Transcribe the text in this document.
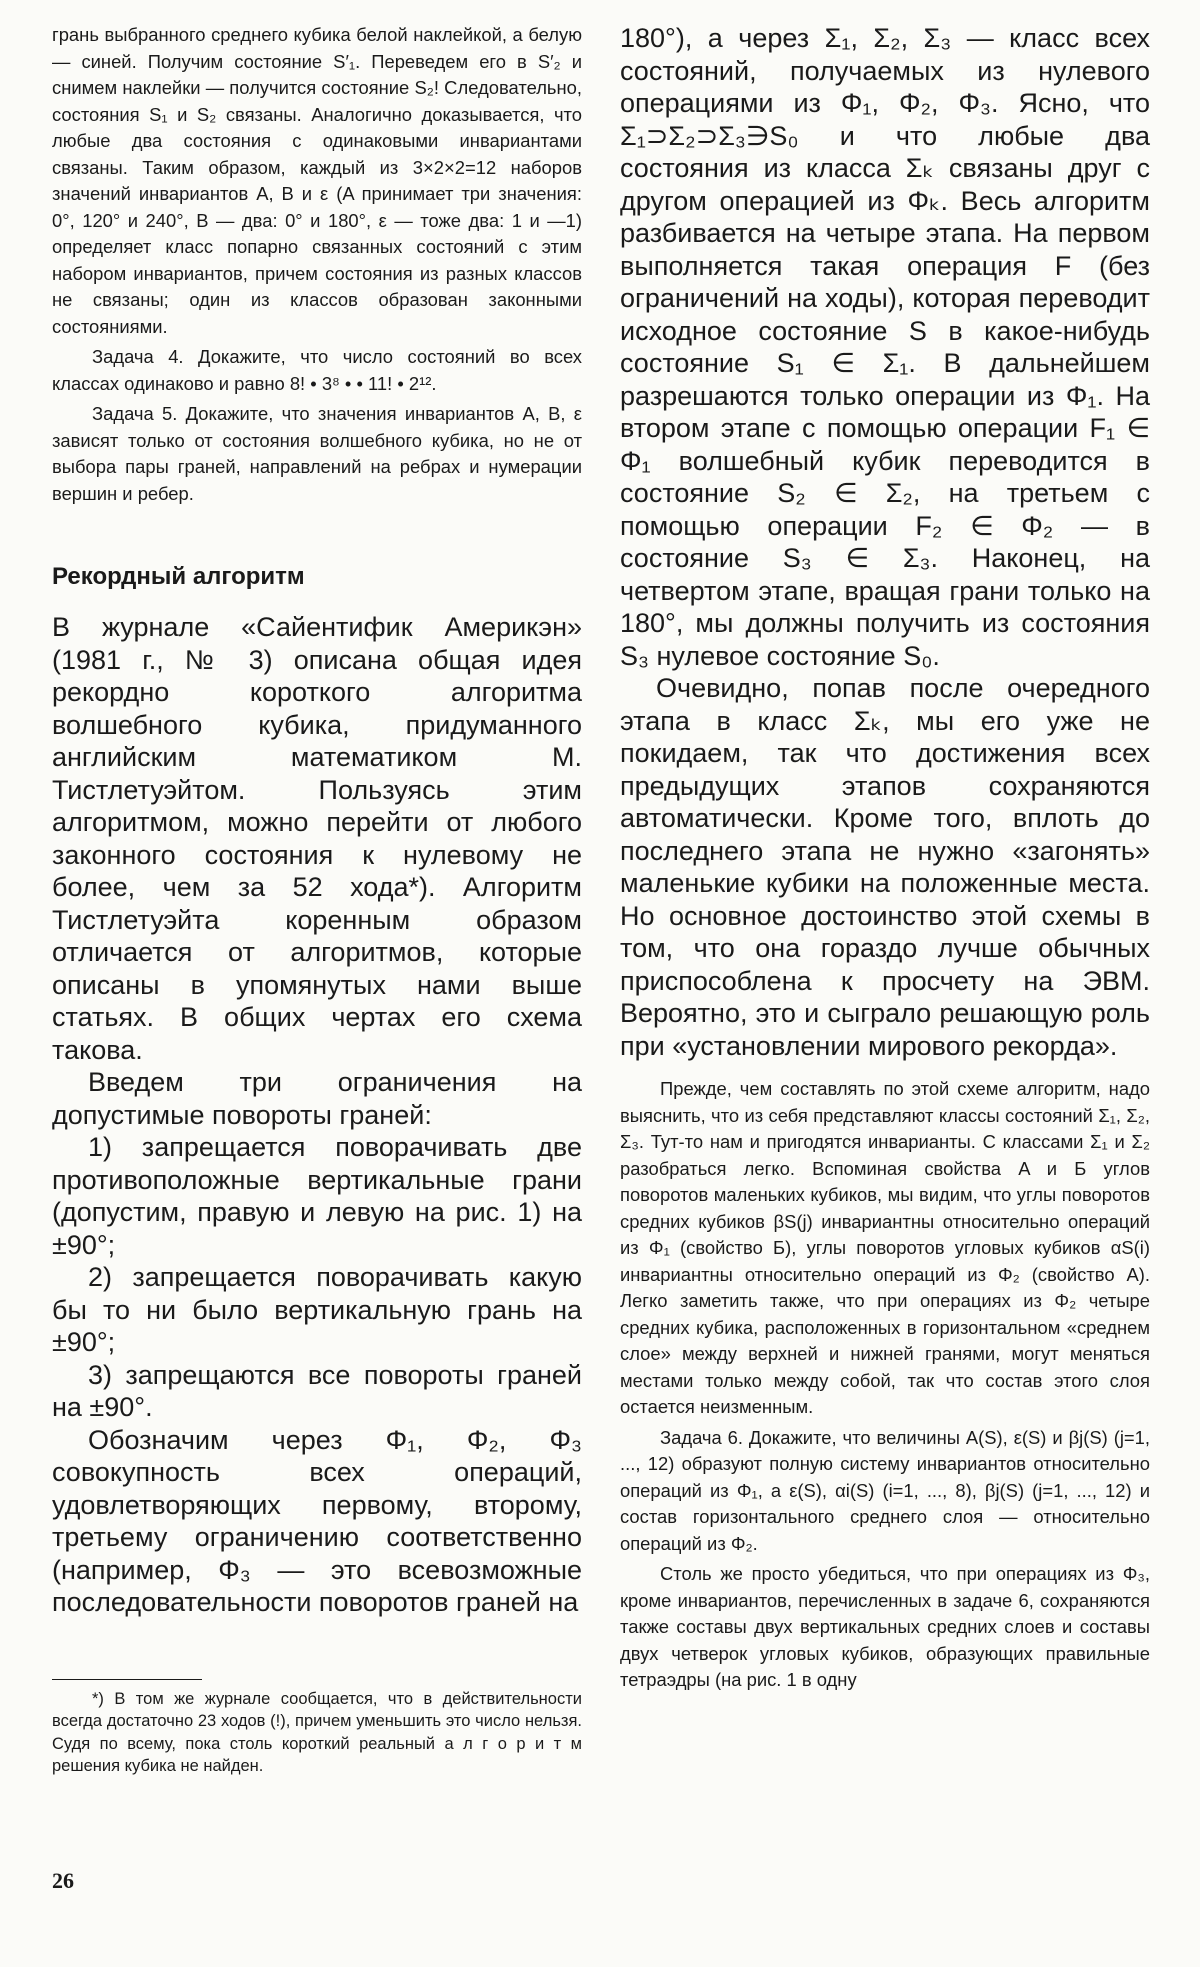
грань выбранного среднего кубика белой наклейкой, а белую — синей. Получим состояние S′₁. Переведем его в S′₂ и снимем наклейки — получится состояние S₂! Следовательно, состояния S₁ и S₂ связаны. Аналогично доказывается, что любые два состояния с одинаковыми инвариантами связаны. Таким образом, каждый из 3×2×2=12 наборов значений инвариантов A, B и ε (A принимает три значения: 0°, 120° и 240°, B — два: 0° и 180°, ε — тоже два: 1 и —1) определяет класс попарно связанных состояний с этим набором инвариантов, причем состояния из разных классов не связаны; один из классов образован законными состояниями.

Задача 4. Докажите, что число состояний во всех классах одинаково и равно 8! • 3⁸ • • 11! • 2¹².

Задача 5. Докажите, что значения инвариантов A, B, ε зависят только от состояния волшебного кубика, но не от выбора пары граней, направлений на ребрах и нумерации вершин и ребер.

Рекордный алгоритм

В журнале «Сайентифик Америкэн» (1981 г., № 3) описана общая идея рекордно короткого алгоритма волшебного кубика, придуманного английским математиком М. Тистлетуэйтом. Пользуясь этим алгоритмом, можно перейти от любого законного состояния к нулевому не более, чем за 52 хода*). Алгоритм Тистлетуэйта коренным образом отличается от алгоритмов, которые описаны в упомянутых нами выше статьях. В общих чертах его схема такова.

Введем три ограничения на допустимые повороты граней:

1) запрещается поворачивать две противоположные вертикальные грани (допустим, правую и левую на рис. 1) на ±90°;

2) запрещается поворачивать какую бы то ни было вертикальную грань на ±90°;

3) запрещаются все повороты граней на ±90°.

Обозначим через Φ₁, Φ₂, Φ₃ совокупность всех операций, удовлетворяющих первому, второму, третьему ограничению соответственно (например, Φ₃ — это всевозможные последовательности поворотов граней на

*) В том же журнале сообщается, что в действительности всегда достаточно 23 ходов (!), причем уменьшить это число нельзя. Судя по всему, пока столь короткий реальный а л г о р и т м решения кубика не найден.

180°), а через Σ₁, Σ₂, Σ₃ — класс всех состояний, получаемых из нулевого операциями из Φ₁, Φ₂, Φ₃. Ясно, что Σ₁⊃Σ₂⊃Σ₃∋S₀ и что любые два состояния из класса Σₖ связаны друг с другом операцией из Φₖ. Весь алгоритм разбивается на четыре этапа. На первом выполняется такая операция F (без ограничений на ходы), которая переводит исходное состояние S в какое-нибудь состояние S₁ ∈ Σ₁. В дальнейшем разрешаются только операции из Φ₁. На втором этапе с помощью операции F₁ ∈ Φ₁ волшебный кубик переводится в состояние S₂ ∈ Σ₂, на третьем с помощью операции F₂ ∈ Φ₂ — в состояние S₃ ∈ Σ₃. Наконец, на четвертом этапе, вращая грани только на 180°, мы должны получить из состояния S₃ нулевое состояние S₀.

Очевидно, попав после очередного этапа в класс Σₖ, мы его уже не покидаем, так что достижения всех предыдущих этапов сохраняются автоматически. Кроме того, вплоть до последнего этапа не нужно «загонять» маленькие кубики на положенные места. Но основное достоинство этой схемы в том, что она гораздо лучше обычных приспособлена к просчету на ЭВМ. Вероятно, это и сыграло решающую роль при «установлении мирового рекорда».

Прежде, чем составлять по этой схеме алгоритм, надо выяснить, что из себя представляют классы состояний Σ₁, Σ₂, Σ₃. Тут-то нам и пригодятся инварианты. С классами Σ₁ и Σ₂ разобраться легко. Вспоминая свойства A и Б углов поворотов маленьких кубиков, мы видим, что углы поворотов средних кубиков βS(j) инвариантны относительно операций из Φ₁ (свойство Б), углы поворотов угловых кубиков αS(i) инвариантны относительно операций из Φ₂ (свойство A). Легко заметить также, что при операциях из Φ₂ четыре средних кубика, расположенных в горизонтальном «среднем слое» между верхней и нижней гранями, могут меняться местами только между собой, так что состав этого слоя остается неизменным.

Задача 6. Докажите, что величины A(S), ε(S) и βj(S) (j=1, ..., 12) образуют полную систему инвариантов относительно операций из Φ₁, а ε(S), αi(S) (i=1, ..., 8), βj(S) (j=1, ..., 12) и состав горизонтального среднего слоя — относительно операций из Φ₂.

Столь же просто убедиться, что при операциях из Φ₃, кроме инвариантов, перечисленных в задаче 6, сохраняются также составы двух вертикальных средних слоев и составы двух четверок угловых кубиков, образующих правильные тетраэдры (на рис. 1 в одну

26
